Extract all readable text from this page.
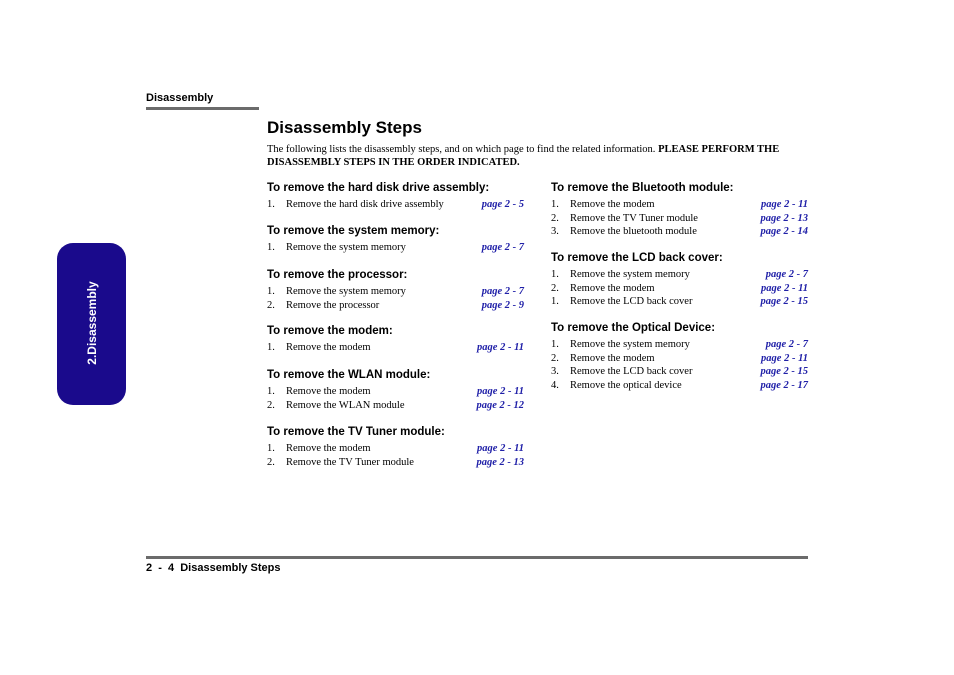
Disassembly
2.Disassembly
Disassembly Steps
The following lists the disassembly steps, and on which page to find the related information. PLEASE PERFORM THE DISASSEMBLY STEPS IN THE ORDER INDICATED.
To remove the hard disk drive assembly:
1. Remove the hard disk drive assembly	page 2 - 5
To remove the system memory:
1. Remove the system memory	page 2 - 7
To remove the processor:
1. Remove the system memory	page 2 - 7
2. Remove the processor	page 2 - 9
To remove the modem:
1. Remove the modem	page 2 - 11
To remove the WLAN module:
1. Remove the modem	page 2 - 11
2. Remove the WLAN module	page 2 - 12
To remove the TV Tuner module:
1. Remove the modem	page 2 - 11
2. Remove the TV Tuner module	page 2 - 13
To remove the Bluetooth module:
1. Remove the modem	page 2 - 11
2. Remove the TV Tuner module	page 2 - 13
3. Remove the bluetooth module	page 2 - 14
To remove the LCD back cover:
1. Remove the system memory	page 2 - 7
2. Remove the modem	page 2 - 11
1. Remove the LCD back cover	page 2 - 15
To remove the Optical Device:
1. Remove the system memory	page 2 - 7
2. Remove the modem	page 2 - 11
3. Remove the LCD back cover	page 2 - 15
4. Remove the optical device	page 2 - 17
2  -  4  Disassembly Steps
